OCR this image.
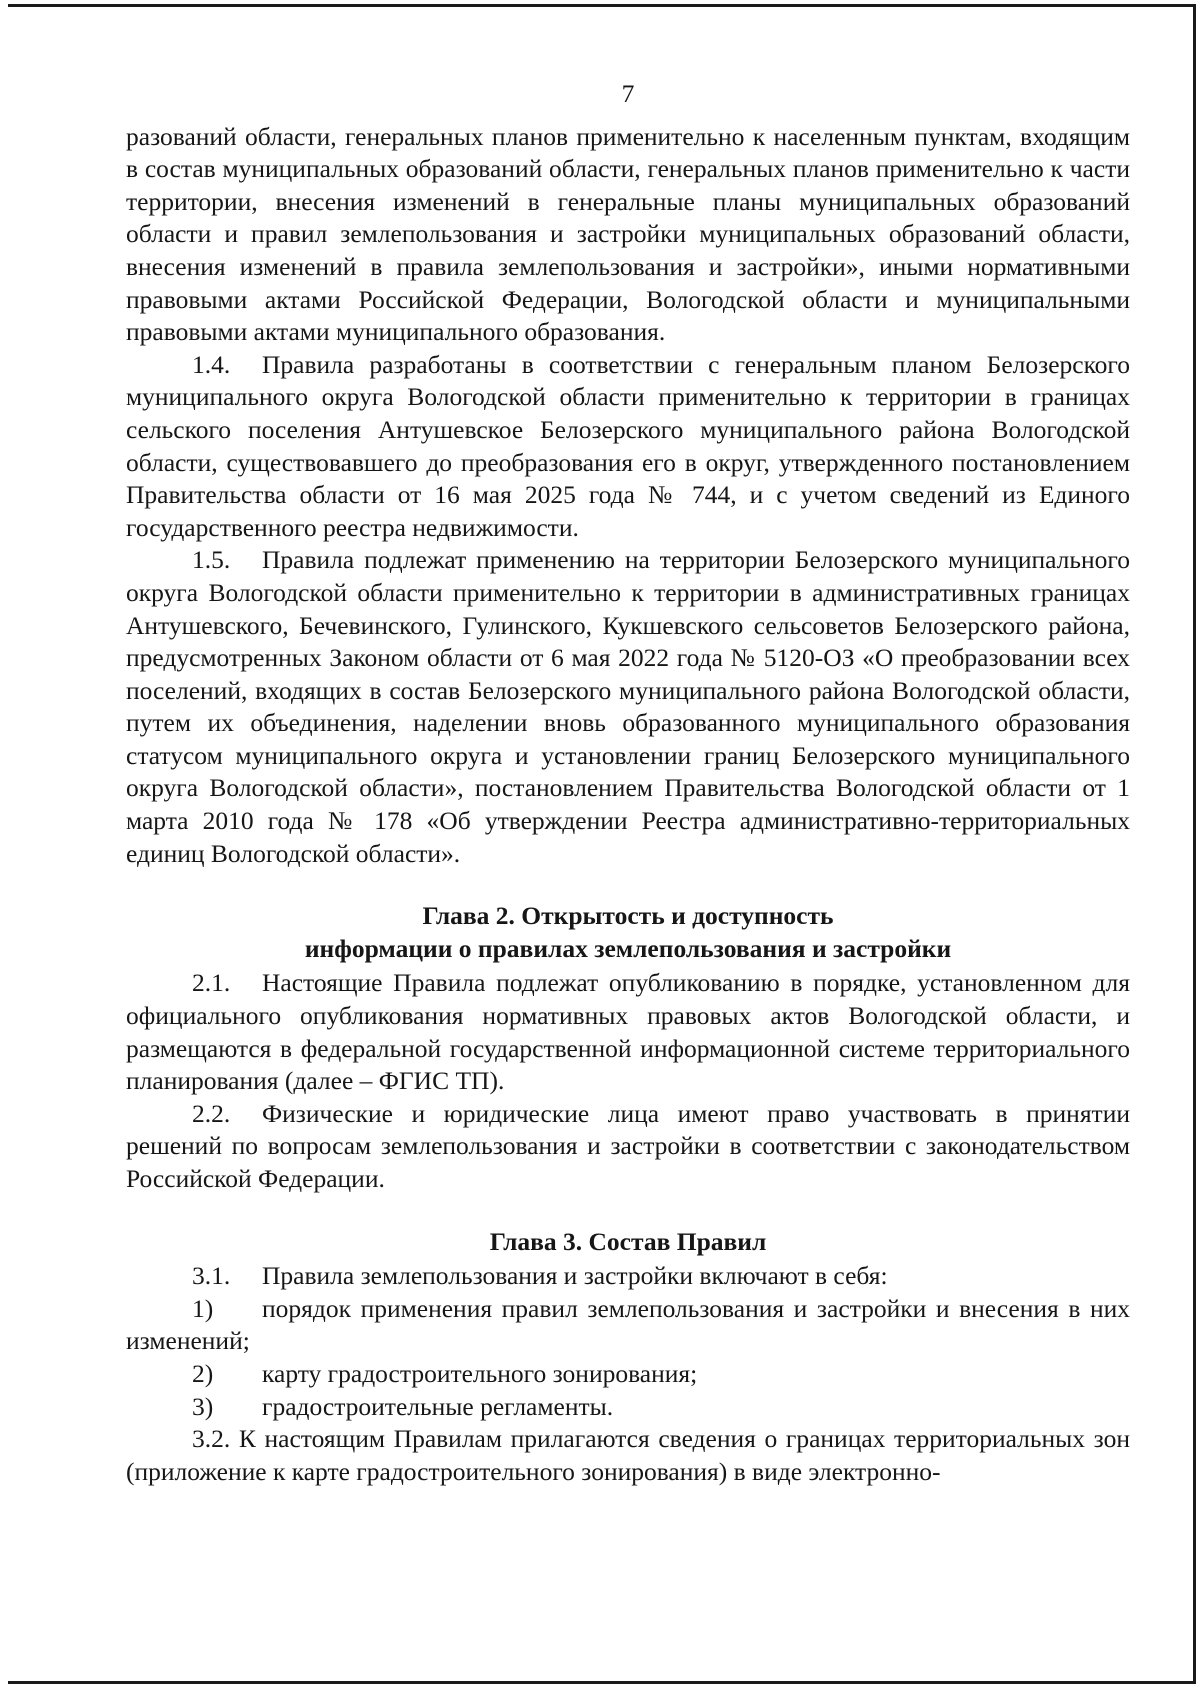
7

разований области, генеральных планов применительно к населенным пунктам, входящим в состав муниципальных образований области, генеральных планов применительно к части территории, внесения изменений в генеральные планы муниципальных образований области и правил землепользования и застройки муниципальных образований области, внесения изменений в правила землепользования и застройки», иными нормативными правовыми актами Российской Федерации, Вологодской области и муниципальными правовыми актами муниципального образования.

1.4. Правила разработаны в соответствии с генеральным планом Белозерского муниципального округа Вологодской области применительно к территории в границах сельского поселения Антушевское Белозерского муниципального района Вологодской области, существовавшего до преобразования его в округ, утвержденного постановлением Правительства области от 16 мая 2025 года № 744, и с учетом сведений из Единого государственного реестра недвижимости.

1.5. Правила подлежат применению на территории Белозерского муниципального округа Вологодской области применительно к территории в административных границах Антушевского, Бечевинского, Гулинского, Кукшевского сельсоветов Белозерского района, предусмотренных Законом области от 6 мая 2022 года № 5120-ОЗ «О преобразовании всех поселений, входящих в состав Белозерского муниципального района Вологодской области, путем их объединения, наделении вновь образованного муниципального образования статусом муниципального округа и установлении границ Белозерского муниципального округа Вологодской области», постановлением Правительства Вологодской области от 1 марта 2010 года № 178 «Об утверждении Реестра административно-территориальных единиц Вологодской области».

Глава 2. Открытость и доступность
информации о правилах землепользования и застройки

2.1. Настоящие Правила подлежат опубликованию в порядке, установленном для официального опубликования нормативных правовых актов Вологодской области, и размещаются в федеральной государственной информационной системе территориального планирования (далее – ФГИС ТП).

2.2. Физические и юридические лица имеют право участвовать в принятии решений по вопросам землепользования и застройки в соответствии с законодательством Российской Федерации.

Глава 3. Состав Правил

3.1. Правила землепользования и застройки включают в себя:

1) порядок применения правил землепользования и застройки и внесения в них изменений;

2) карту градостроительного зонирования;

3) градостроительные регламенты.

3.2. К настоящим Правилам прилагаются сведения о границах территориальных зон (приложение к карте градостроительного зонирования) в виде электронно-
